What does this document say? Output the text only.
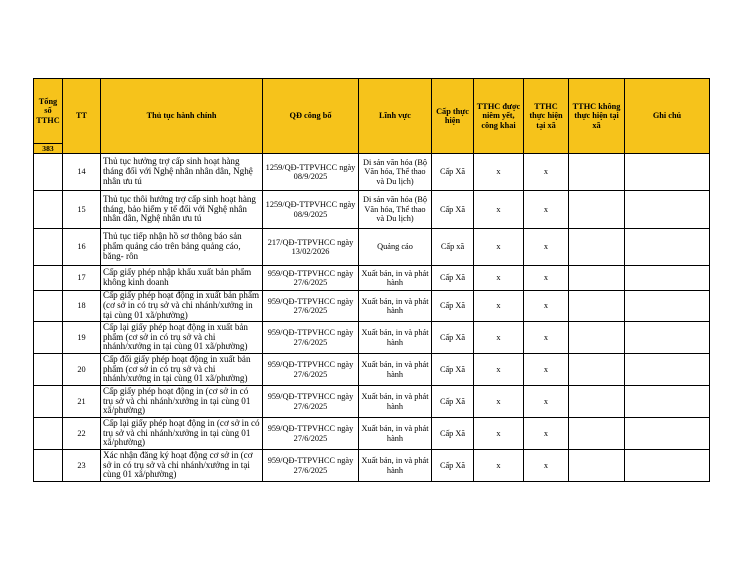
Tổng số TTHC	TT	Thủ tục hành chính	QĐ công bố	Lĩnh vực	Cấp thực hiện	TTHC được niêm yết, công khai	TTHC thực hiện tại xã	TTHC không thực hiện tại xã	Ghi chú
383									
	14	Thủ tục hưởng trợ cấp sinh hoạt hàng tháng đối với Nghệ nhân nhân dân, Nghệ nhân ưu tú	1259/QĐ-TTPVHCC ngày 08/9/2025	Di sản văn hóa (Bộ Văn hóa, Thể thao và Du lịch)	Cấp Xã	x	x		
	15	Thủ tục thôi hưởng trợ cấp sinh hoạt hàng tháng, bảo hiểm y tế đối với Nghệ nhân nhân dân, Nghệ nhân ưu tú	1259/QĐ-TTPVHCC ngày 08/9/2025	Di sản văn hóa (Bộ Văn hóa, Thể thao và Du lịch)	Cấp Xã	x	x		
	16	Thủ tục tiếp nhận hồ sơ thông báo sản phẩm quảng cáo trên bảng quảng cáo, băng- rôn	217/QĐ-TTPVHCC ngày 13/02/2026	Quảng cáo	Cấp xã	x	x		
	17	Cấp giấy phép nhập khẩu xuất bản phẩm không kinh doanh	959/QĐ-TTPVHCC ngày 27/6/2025	Xuất bản, in và phát hành	Cấp Xã	x	x		
	18	Cấp giấy phép hoạt động in xuất bản phẩm (cơ sở in có trụ sở và chi nhánh/xưởng in tại cùng 01 xã/phường)	959/QĐ-TTPVHCC ngày 27/6/2025	Xuất bản, in và phát hành	Cấp Xã	x	x		
	19	Cấp lại giấy phép hoạt động in xuất bản phẩm (cơ sở in có trụ sở và chi nhánh/xưởng in tại cùng 01 xã/phường)	959/QĐ-TTPVHCC ngày 27/6/2025	Xuất bản, in và phát hành	Cấp Xã	x	x		
	20	Cấp đổi giấy phép hoạt động in xuất bản phẩm (cơ sở in có trụ sở và chi nhánh/xưởng in tại cùng 01 xã/phường)	959/QĐ-TTPVHCC ngày 27/6/2025	Xuất bản, in và phát hành	Cấp Xã	x	x		
	21	Cấp giấy phép hoạt động in (cơ sở in có trụ sở và chi nhánh/xưởng in tại cùng 01 xã/phường)	959/QĐ-TTPVHCC ngày 27/6/2025	Xuất bản, in và phát hành	Cấp Xã	x	x		
	22	Cấp lại giấy phép hoạt động in (cơ sở in có trụ sở và chi nhánh/xưởng in tại cùng 01 xã/phường)	959/QĐ-TTPVHCC ngày 27/6/2025	Xuất bản, in và phát hành	Cấp Xã	x	x		
	23	Xác nhận đăng ký hoạt động cơ sở in (cơ sở in có trụ sở và chi nhánh/xưởng in tại cùng 01 xã/phường)	959/QĐ-TTPVHCC ngày 27/6/2025	Xuất bản, in và phát hành	Cấp Xã	x	x		
